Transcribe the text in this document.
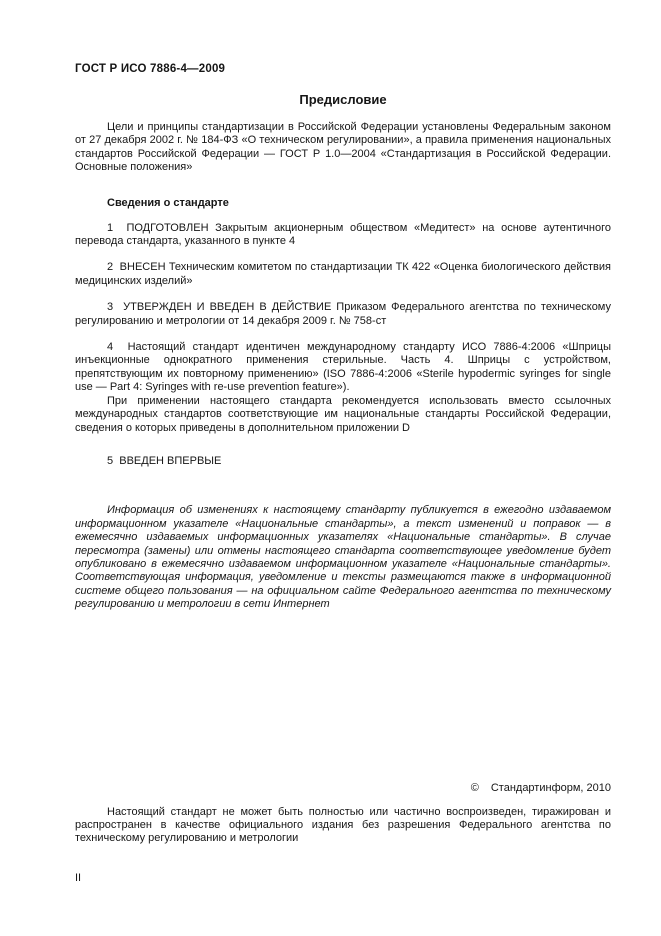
ГОСТ Р ИСО 7886-4—2009
Предисловие
Цели и принципы стандартизации в Российской Федерации установлены Федеральным законом от 27 декабря 2002 г. № 184-ФЗ «О техническом регулировании», а правила применения национальных стандартов Российской Федерации — ГОСТ Р 1.0—2004 «Стандартизация в Российской Федерации. Основные положения»
Сведения о стандарте
1  ПОДГОТОВЛЕН Закрытым акционерным обществом «Медитест» на основе аутентичного перевода стандарта, указанного в пункте 4
2  ВНЕСЕН Техническим комитетом по стандартизации ТК 422 «Оценка биологического действия медицинских изделий»
3  УТВЕРЖДЕН И ВВЕДЕН В ДЕЙСТВИЕ Приказом Федерального агентства по техническому регулированию и метрологии от 14 декабря 2009 г. № 758-ст
4  Настоящий стандарт идентичен международному стандарту ИСО 7886-4:2006 «Шприцы инъекционные однократного применения стерильные. Часть 4. Шприцы с устройством, препятствующим их повторному применению» (ISO 7886-4:2006 «Sterile hypodermic syringes for single use — Part 4: Syringes with re-use prevention feature»).
При применении настоящего стандарта рекомендуется использовать вместо ссылочных международных стандартов соответствующие им национальные стандарты Российской Федерации, сведения о которых приведены в дополнительном приложении D
5  ВВЕДЕН ВПЕРВЫЕ
Информация об изменениях к настоящему стандарту публикуется в ежегодно издаваемом информационном указателе «Национальные стандарты», а текст изменений и поправок — в ежемесячно издаваемых информационных указателях «Национальные стандарты». В случае пересмотра (замены) или отмены настоящего стандарта соответствующее уведомление будет опубликовано в ежемесячно издаваемом информационном указателе «Национальные стандарты». Соответствующая информация, уведомление и тексты размещаются также в информационной системе общего пользования — на официальном сайте Федерального агентства по техническому регулированию и метрологии в сети Интернет
© Стандартинформ, 2010
Настоящий стандарт не может быть полностью или частично воспроизведен, тиражирован и распространен в качестве официального издания без разрешения Федерального агентства по техническому регулированию и метрологии
II
